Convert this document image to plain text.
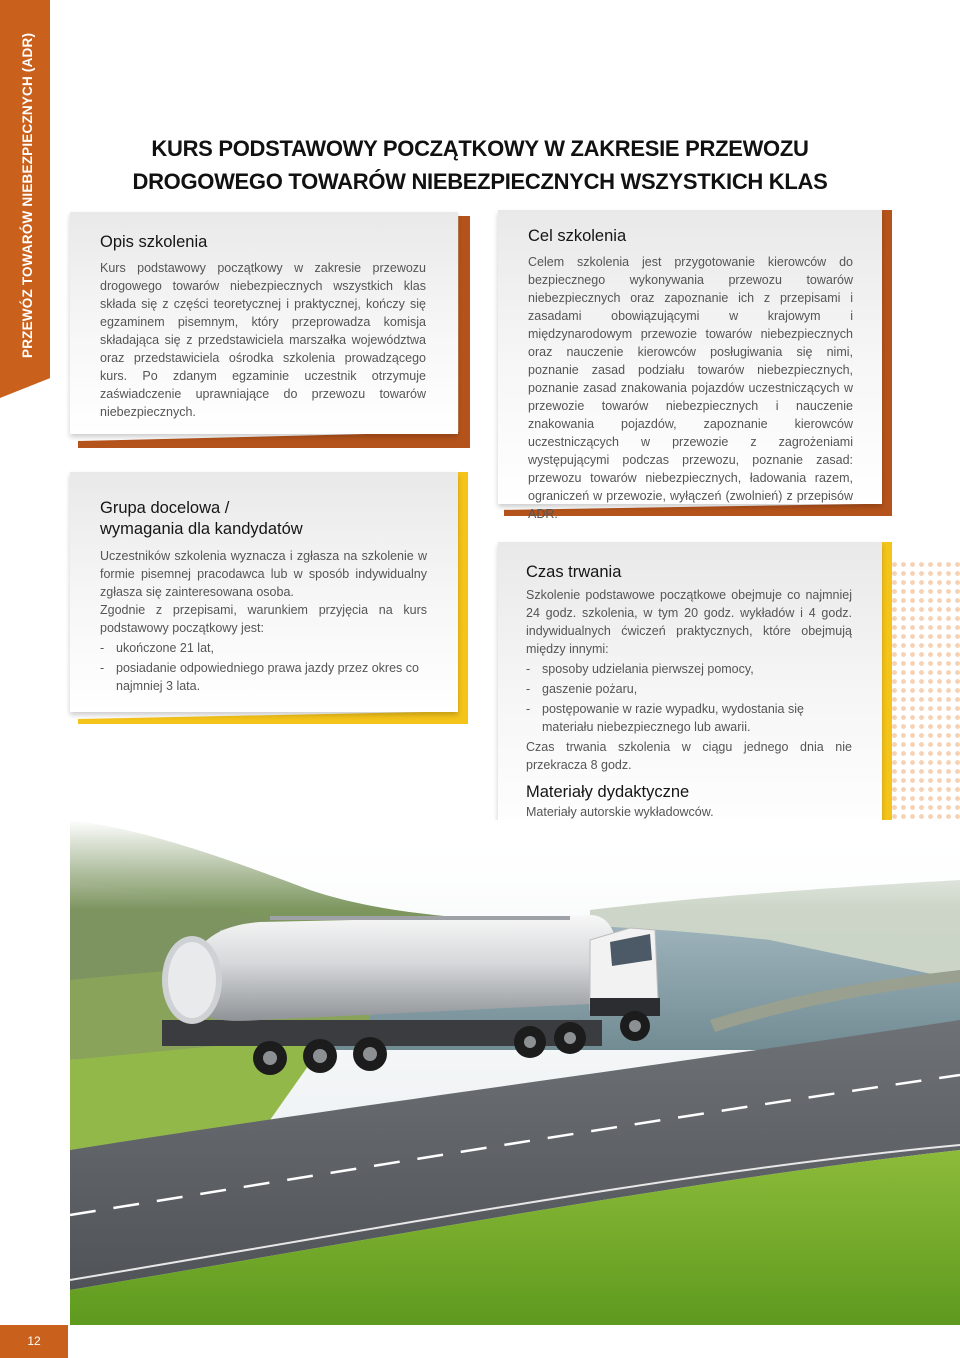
PRZEWÓZ TOWARÓW NIEBEZPIECZNYCH (ADR)	KURS PODSTAWOWY POCZĄTKOWY W ZAKRESIE PRZEWOZU
DROGOWEGO TOWARÓW NIEBEZPIECZNYCH WSZYSTKICH KLAS
Opis szkolenia

Kurs podstawowy początkowy w zakresie przewozu drogowego towarów niebezpiecznych wszystkich klas składa się z części teoretycznej i praktycznej, kończy się egzaminem pisemnym, który przeprowadza komisja składająca się z przedstawiciela marszałka województwa oraz przedstawiciela ośrodka szkolenia prowadzącego kurs. Po zdanym egzaminie uczestnik otrzymuje zaświadczenie uprawniające do przewozu towarów niebezpiecznych.

Cel szkolenia

Celem szkolenia jest przygotowanie kierowców do bezpiecznego wykonywania przewozu towarów niebezpiecznych oraz zapoznanie ich z przepisami i zasadami obowiązującymi w krajowym i międzynarodowym przewozie towarów niebezpiecznych oraz nauczenie kierowców posługiwania się nimi, poznanie zasad podziału towarów niebezpiecznych, poznanie zasad znakowania pojazdów uczestniczących w przewozie towarów niebezpiecznych i nauczenie znakowania pojazdów, zapoznanie kierowców uczestniczących w przewozie z zagrożeniami występującymi podczas przewozu, poznanie zasad: przewozu towarów niebezpiecznych, ładowania razem, ograniczeń w przewozie, wyłączeń (zwolnień) z przepisów ADR.

Grupa docelowa /
wymagania dla kandydatów

Uczestników szkolenia wyznacza i zgłasza na szkolenie w formie pisemnej pracodawca lub w sposób indywidualny zgłasza się zainteresowana osoba.

Zgodnie z przepisami, warunkiem przyjęcia na kurs podstawowy początkowy jest:

- ukończone 21 lat,
- posiadanie odpowiedniego prawa jazdy przez okres co najmniej 3 lata.
Czas trwania

Szkolenie podstawowe początkowe obejmuje co najmniej 24 godz. szkolenia, w tym 20 godz. wykładów i 4 godz. indywidualnych ćwiczeń praktycznych, które obejmują między innymi:

- sposoby udzielania pierwszej pomocy,
- gaszenie pożaru,
- postępowanie w razie wypadku, wydostania się materiału niebezpiecznego lub awarii.

Czas trwania szkolenia w ciągu jednego dnia nie przekracza 8 godz.

Materiały dydaktyczne

Materiały autorskie wykładowców.

12
